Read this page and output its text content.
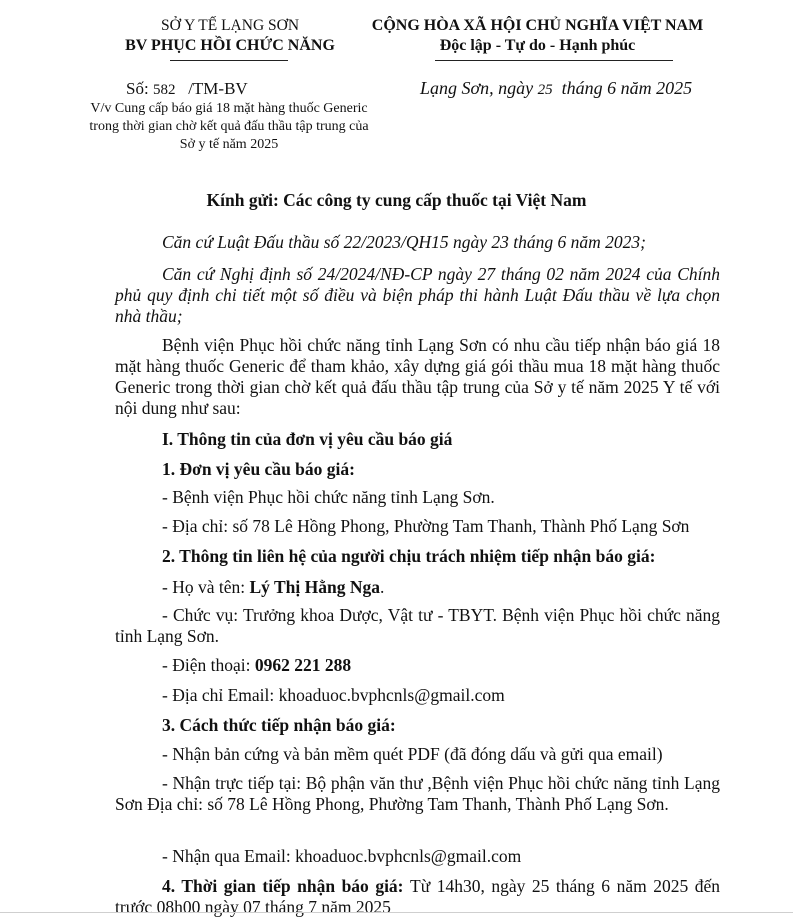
SỞ Y TẾ LẠNG SƠN
BV PHỤC HỒI CHỨC NĂNG
CỘNG HÒA XÃ HỘI CHỦ NGHĨA VIỆT NAM
Độc lập - Tự do - Hạnh phúc
Số: 582 /TM-BV
V/v Cung cấp báo giá 18 mặt hàng thuốc Generic trong thời gian chờ kết quả đấu thầu tập trung của Sở y tế năm 2025
Lạng Sơn, ngày 25 tháng 6 năm 2025
Kính gửi: Các công ty cung cấp thuốc tại Việt Nam
Căn cứ Luật Đấu thầu số 22/2023/QH15 ngày 23 tháng 6 năm 2023;
Căn cứ Nghị định số 24/2024/NĐ-CP ngày 27 tháng 02 năm 2024 của Chính phủ quy định chi tiết một số điều và biện pháp thi hành Luật Đấu thầu về lựa chọn nhà thầu;
Bệnh viện Phục hồi chức năng tỉnh Lạng Sơn có nhu cầu tiếp nhận báo giá 18 mặt hàng thuốc Generic để tham khảo, xây dựng giá gói thầu mua 18 mặt hàng thuốc Generic trong thời gian chờ kết quả đấu thầu tập trung của Sở y tế năm 2025 Y tế với nội dung như sau:
I. Thông tin của đơn vị yêu cầu báo giá
1. Đơn vị yêu cầu báo giá:
- Bệnh viện Phục hồi chức năng tỉnh Lạng Sơn.
- Địa chỉ: số 78 Lê Hồng Phong, Phường Tam Thanh, Thành Phố Lạng Sơn
2. Thông tin liên hệ của người chịu trách nhiệm tiếp nhận báo giá:
- Họ và tên: Lý Thị Hằng Nga.
- Chức vụ: Trưởng khoa Dược, Vật tư - TBYT. Bệnh viện Phục hồi chức năng tỉnh Lạng Sơn.
- Điện thoại: 0962 221 288
- Địa chỉ Email: khoaduoc.bvphcnls@gmail.com
3. Cách thức tiếp nhận báo giá:
- Nhận bản cứng và bản mềm quét PDF (đã đóng dấu và gửi qua email)
- Nhận trực tiếp tại: Bộ phận văn thư ,Bệnh viện Phục hồi chức năng tỉnh Lạng Sơn Địa chỉ: số 78 Lê Hồng Phong, Phường Tam Thanh, Thành Phố Lạng Sơn.
- Nhận qua Email: khoaduoc.bvphcnls@gmail.com
4. Thời gian tiếp nhận báo giá: Từ 14h30, ngày 25 tháng 6 năm 2025 đến trước 08h00 ngày 07 tháng 7 năm 2025
